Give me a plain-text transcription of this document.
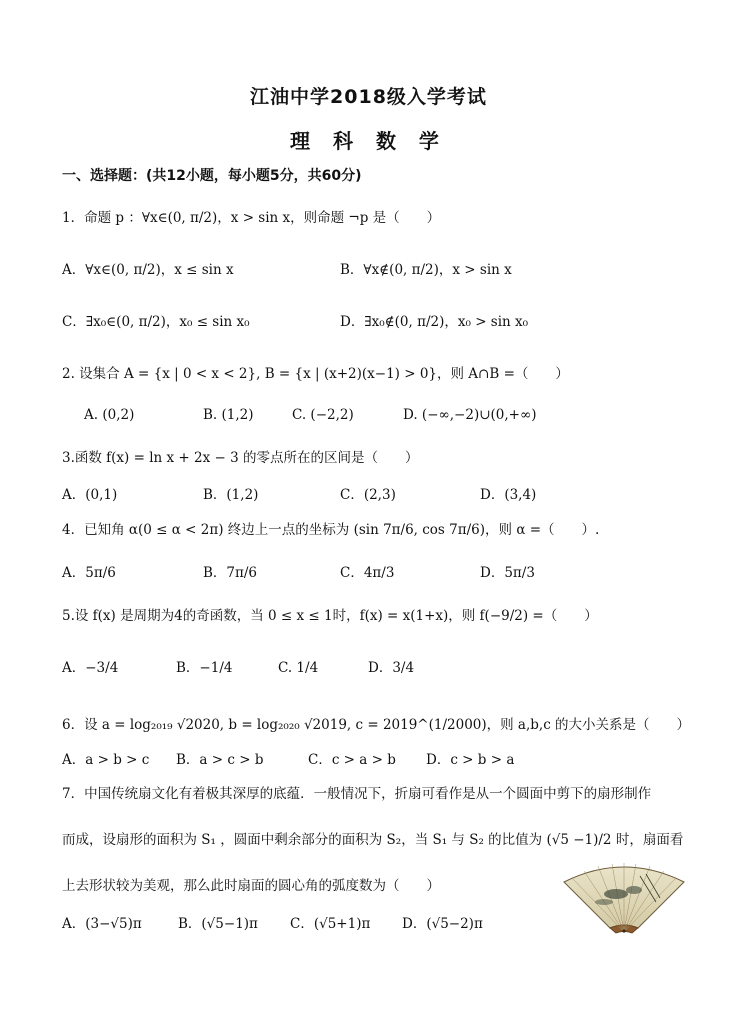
江油中学2018级入学考试
理 科 数 学
一、选择题：(共12小题，每小题5分，共60分)
1．命题 p ：∀x∈(0, π/2)，x > sin x，则命题 ¬p 是（　　）
A．∀x∈(0, π/2)，x ≤ sin x	B．∀x∉(0, π/2)，x > sin x
C．∃x₀∈(0, π/2)，x₀ ≤ sin x₀	D．∃x₀∉(0, π/2)，x₀ > sin x₀
2. 设集合 A = {x | 0 < x < 2}, B = {x | (x+2)(x−1) > 0}，则 A∩B =（　　）
A. (0,2)	B. (1,2)	C. (−2,2)	D. (−∞,−2)∪(0,+∞)
3.函数 f(x) = ln x + 2x − 3 的零点所在的区间是（　　）
A．(0,1)	B．(1,2)	C．(2,3)	D．(3,4)
4．已知角 α(0 ≤ α < 2π) 终边上一点的坐标为 (sin 7π/6, cos 7π/6)，则 α =（　　）.
A．5π/6	B．7π/6	C．4π/3	D．5π/3
5.设 f(x) 是周期为4的奇函数，当 0 ≤ x ≤ 1时，f(x) = x(1+x)，则 f(−9/2) =（　　）
A．−3/4	B．−1/4	C. 1/4	D．3/4
6．设 a = log₂₀₁₉ √2020, b = log₂₀₂₀ √2019, c = 2019^(1/2000)，则 a,b,c 的大小关系是（　　）
A．a > b > c B．a > c > b	C．c > a > b D．c > b > a
7．中国传统扇文化有着极其深厚的底蕴．一般情况下，折扇可看作是从一个圆面中剪下的扇形制作
而成，设扇形的面积为 S₁ ，圆面中剩余部分的面积为 S₂，当 S₁ 与 S₂ 的比值为 (√5 −1)/2 时，扇面看
上去形状较为美观，那么此时扇面的圆心角的弧度数为（　　）
A．(3−√5)π	B．(√5−1)π C．(√5+1)π D．(√5−2)π
